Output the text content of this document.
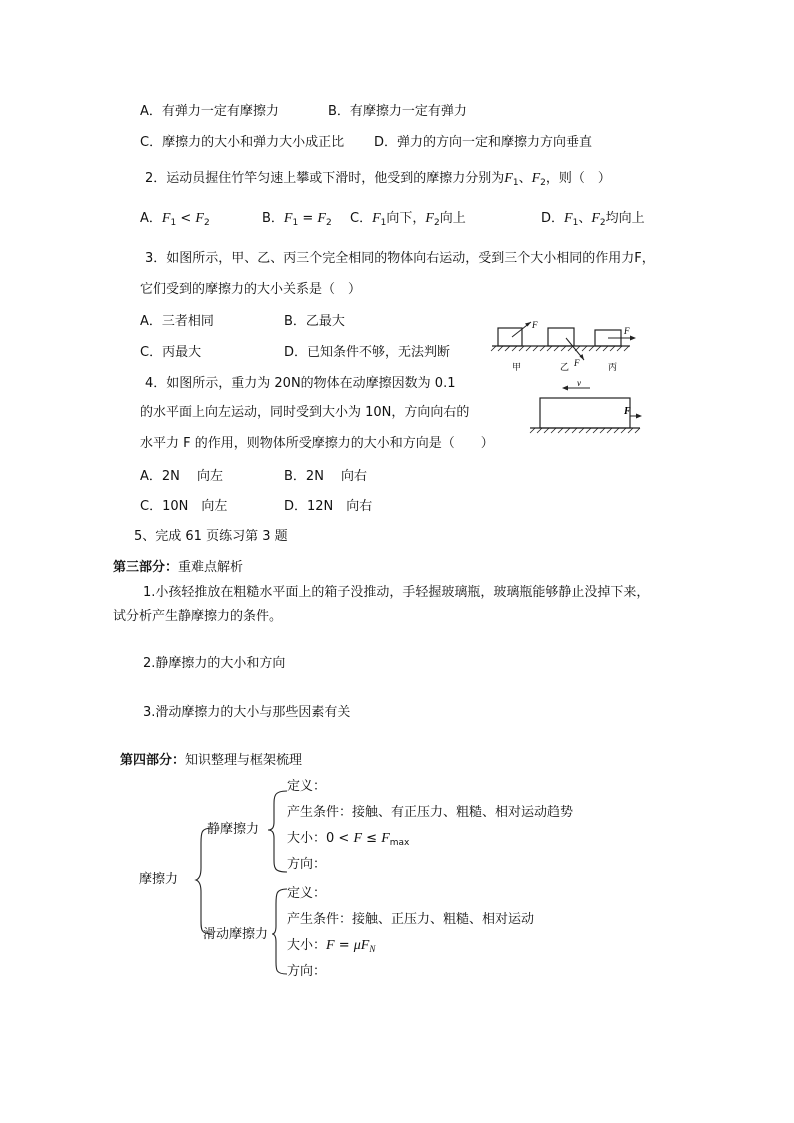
A．有弹力一定有摩擦力	B．有摩擦力一定有弹力
C．摩擦力的大小和弹力大小成正比 D．弹力的方向一定和摩擦力方向垂直
2．运动员握住竹竿匀速上攀或下滑时，他受到的摩擦力分别为$F_1$、$F_2$，则（　）
A．$F_1 < F_2$	B．$F_1 = F_2$ C．$F_1$向下，$F_2$向上	D．$F_1$、$F_2$均向上
3．如图所示，甲、乙、丙三个完全相同的物体向右运动，受到三个大小相同的作用力F，
它们受到的摩擦力的大小关系是（　）
A．三者相同	B．乙最大
C．丙最大	D．已知条件不够，无法判断
F
F
F
甲	乙	丙
4．如图所示，重力为 20N的物体在动摩擦因数为 0.1
的水平面上向左运动，同时受到大小为 10N，方向向右的
水平力 F 的作用，则物体所受摩擦力的大小和方向是（　　）
A．2N　 向左	B．2N　 向右
C．10N　向左	D．12N　向右
v
F
5、完成 61 页练习第 3 题
第三部分：重难点解析
1.小孩轻推放在粗糙水平面上的箱子没推动，手轻握玻璃瓶，玻璃瓶能够静止没掉下来，
试分析产生静摩擦力的条件。
2.静摩擦力的大小和方向
3.滑动摩擦力的大小与那些因素有关
第四部分：知识整理与框架梳理
摩擦力
静摩擦力
滑动摩擦力
定义：
产生条件：接触、有正压力、粗糙、相对运动趋势
大小：$0 < F \le F_{max}$
方向：
定义：
产生条件：接触、正压力、粗糙、相对运动
大小：$F = \mu F_N$
方向：
